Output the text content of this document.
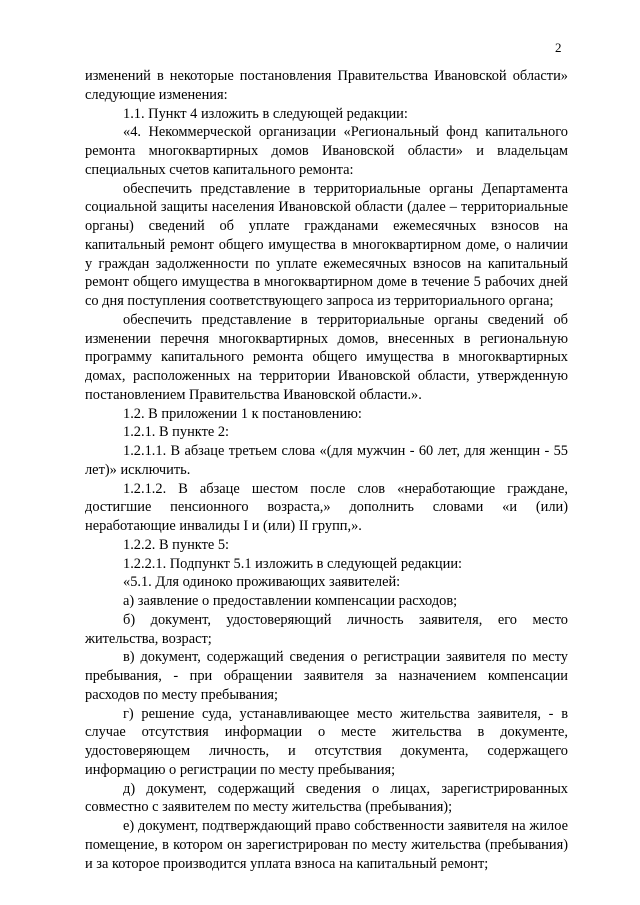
2

изменений в некоторые постановления Правительства Ивановской области» следующие изменения:

1.1. Пункт 4 изложить в следующей редакции:

«4. Некоммерческой организации «Региональный фонд капитального ремонта многоквартирных домов Ивановской области» и владельцам специальных счетов капитального ремонта:

обеспечить представление в территориальные органы Департамента социальной защиты населения Ивановской области (далее – территориальные органы) сведений об уплате гражданами ежемесячных взносов на капитальный ремонт общего имущества в многоквартирном доме, о наличии у граждан задолженности по уплате ежемесячных взносов на капитальный ремонт общего имущества в многоквартирном доме в течение 5 рабочих дней со дня поступления соответствующего запроса из территориального органа;

обеспечить представление в территориальные органы сведений об изменении перечня многоквартирных домов, внесенных в региональную программу капитального ремонта общего имущества в многоквартирных домах, расположенных на территории Ивановской области, утвержденную постановлением Правительства Ивановской области.».

1.2. В приложении 1 к постановлению:

1.2.1. В пункте 2:

1.2.1.1. В абзаце третьем слова «(для мужчин - 60 лет, для женщин - 55 лет)» исключить.

1.2.1.2. В абзаце шестом после слов «неработающие граждане, достигшие пенсионного возраста,» дополнить словами «и (или) неработающие инвалиды I и (или) II групп,».

1.2.2. В пункте 5:

1.2.2.1. Подпункт 5.1 изложить в следующей редакции:

«5.1. Для одиноко проживающих заявителей:

а) заявление о предоставлении компенсации расходов;

б) документ, удостоверяющий личность заявителя, его место жительства, возраст;

в) документ, содержащий сведения о регистрации заявителя по месту пребывания, - при обращении заявителя за назначением компенсации расходов по месту пребывания;

г) решение суда, устанавливающее место жительства заявителя, - в случае отсутствия информации о месте жительства в документе, удостоверяющем личность, и отсутствия документа, содержащего информацию о регистрации по месту пребывания;

д) документ, содержащий сведения о лицах, зарегистрированных совместно с заявителем по месту жительства (пребывания);

е) документ, подтверждающий право собственности заявителя на жилое помещение, в котором он зарегистрирован по месту жительства (пребывания) и за которое производится уплата взноса на капитальный ремонт;
